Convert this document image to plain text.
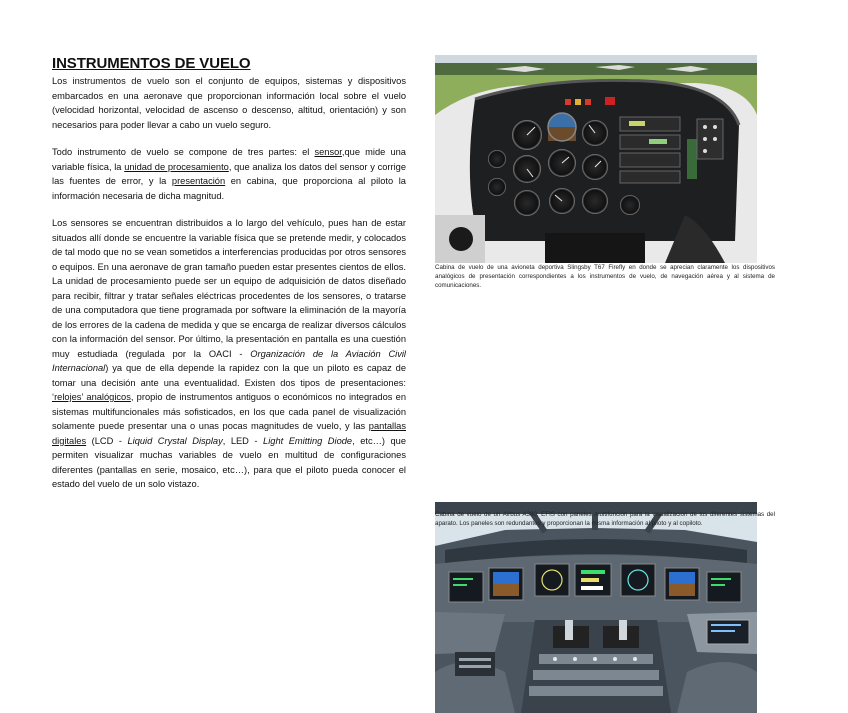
INSTRUMENTOS DE VUELO

Los instrumentos de vuelo son el conjunto de equipos, sistemas y dispositivos embarcados en una aeronave que proporcionan información local sobre el vuelo (velocidad horizontal, velocidad de ascenso o descenso, altitud, orientación) y son necesarios para poder llevar a cabo un vuelo seguro.

Todo instrumento de vuelo se compone de tres partes: el sensor,que mide una variable física, la unidad de procesamiento, que analiza los datos del sensor y corrige las fuentes de error, y la presentación en cabina, que proporciona al piloto la información necesaria de dicha magnitud.

Los sensores se encuentran distribuidos a lo largo del vehículo, pues han de estar situados allí donde se encuentre la variable física que se pretende medir, y colocados de tal modo que no se vean sometidos a interferencias producidas por otros sensores o equipos. En una aeronave de gran tamaño pueden estar presentes cientos de ellos. La unidad de procesamiento puede ser un equipo de adquisición de datos diseñado para recibir, filtrar y tratar señales eléctricas procedentes de los sensores, o tratarse de una computadora que tiene programada por software la eliminación de la mayoría de los errores de la cadena de medida y que se encarga de realizar diversos cálculos con la información del sensor. Por último, la presentación en pantalla es una cuestión muy estudiada (regulada por la OACI - Organización de la Aviación Civil Internacional) ya que de ella depende la rapidez con la que un piloto es capaz de tomar una decisión ante una eventualidad. Existen dos tipos de presentaciones: ‘relojes’ analógicos, propio de instrumentos antiguos o económicos no integrados en sistemas multifuncionales más sofisticados, en los que cada panel de visualización solamente puede presentar una o unas pocas magnitudes de vuelo, y las pantallas digitales (LCD - Liquid Crystal Display, LED - Light Emitting Diode, etc…) que permiten visualizar muchas variables de vuelo en multitud de configuraciones diferentes (pantallas en serie, mosaico, etc…), para que el piloto pueda conocer el estado del vuelo de un solo vistazo.

Cabina de vuelo de una avioneta deportiva Slingsby T67 Firefly en donde se aprecian claramente los dispositivos analógicos de presentación correspondientes a los instrumentos de vuelo, de navegación aérea y al sistema de comunicaciones.
Cabina de vuelo de un Airbus A380, EFIS con paneles multifunción para la visualización de los diferentes sistemas del aparato. Los paneles son redundantes y proporcionan la misma información al piloto y al copiloto.
